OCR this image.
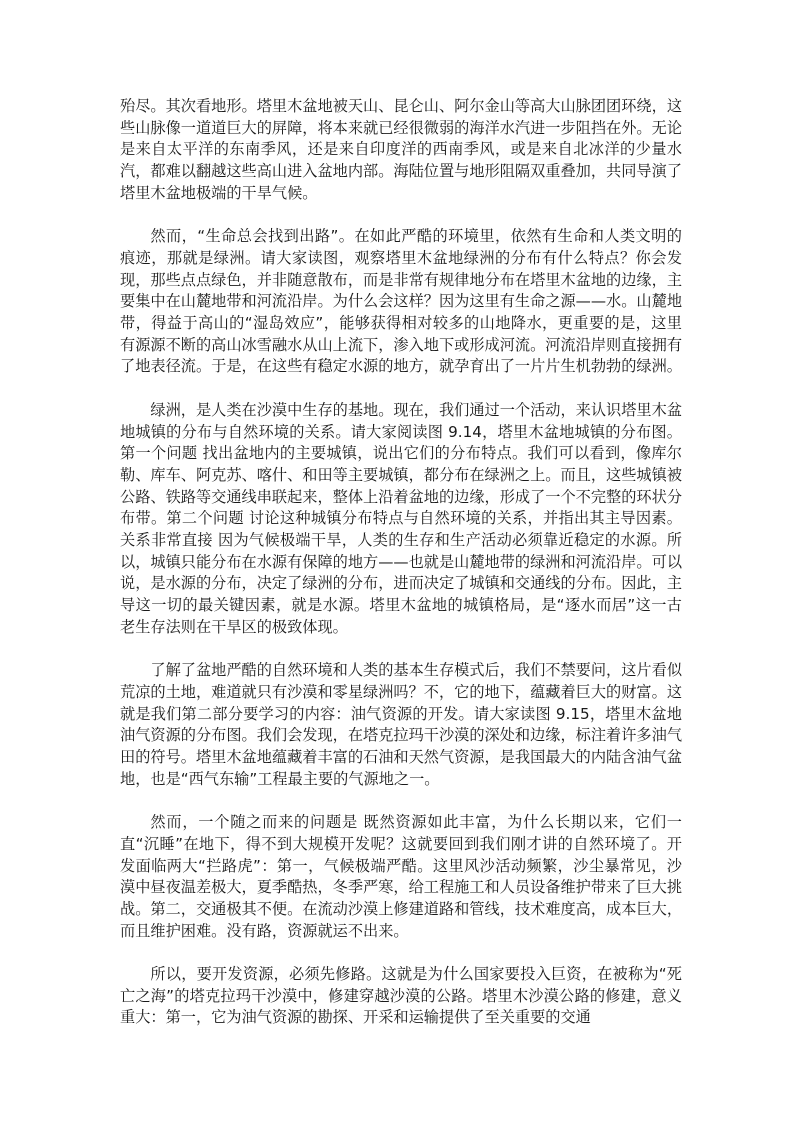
殆尽。其次看地形。塔里木盆地被天山、昆仑山、阿尔金山等高大山脉团团环绕，这些山脉像一道道巨大的屏障，将本来就已经很微弱的海洋水汽进一步阻挡在外。无论是来自太平洋的东南季风，还是来自印度洋的西南季风，或是来自北冰洋的少量水汽，都难以翻越这些高山进入盆地内部。海陆位置与地形阻隔双重叠加，共同导演了塔里木盆地极端的干旱气候。

然而，“生命总会找到出路”。在如此严酷的环境里，依然有生命和人类文明的痕迹，那就是绿洲。请大家读图，观察塔里木盆地绿洲的分布有什么特点？你会发现，那些点点绿色，并非随意散布，而是非常有规律地分布在塔里木盆地的边缘，主要集中在山麓地带和河流沿岸。为什么会这样？因为这里有生命之源——水。山麓地带，得益于高山的“湿岛效应”，能够获得相对较多的山地降水，更重要的是，这里有源源不断的高山冰雪融水从山上流下，渗入地下或形成河流。河流沿岸则直接拥有了地表径流。于是，在这些有稳定水源的地方，就孕育出了一片片生机勃勃的绿洲。

绿洲，是人类在沙漠中生存的基地。现在，我们通过一个活动，来认识塔里木盆地城镇的分布与自然环境的关系。请大家阅读图 9.14，塔里木盆地城镇的分布图。第一个问题 找出盆地内的主要城镇，说出它们的分布特点。我们可以看到，像库尔勒、库车、阿克苏、喀什、和田等主要城镇，都分布在绿洲之上。而且，这些城镇被公路、铁路等交通线串联起来，整体上沿着盆地的边缘，形成了一个不完整的环状分布带。第二个问题 讨论这种城镇分布特点与自然环境的关系，并指出其主导因素。关系非常直接 因为气候极端干旱，人类的生存和生产活动必须靠近稳定的水源。所以，城镇只能分布在水源有保障的地方——也就是山麓地带的绿洲和河流沿岸。可以说，是水源的分布，决定了绿洲的分布，进而决定了城镇和交通线的分布。因此，主导这一切的最关键因素，就是水源。塔里木盆地的城镇格局，是“逐水而居”这一古老生存法则在干旱区的极致体现。

了解了盆地严酷的自然环境和人类的基本生存模式后，我们不禁要问，这片看似荒凉的土地，难道就只有沙漠和零星绿洲吗？不，它的地下，蕴藏着巨大的财富。这就是我们第二部分要学习的内容：油气资源的开发。请大家读图 9.15，塔里木盆地油气资源的分布图。我们会发现，在塔克拉玛干沙漠的深处和边缘，标注着许多油气田的符号。塔里木盆地蕴藏着丰富的石油和天然气资源，是我国最大的内陆含油气盆地，也是“西气东输”工程最主要的气源地之一。

然而，一个随之而来的问题是 既然资源如此丰富，为什么长期以来，它们一直“沉睡”在地下，得不到大规模开发呢？这就要回到我们刚才讲的自然环境了。开发面临两大“拦路虎”：第一，气候极端严酷。这里风沙活动频繁，沙尘暴常见，沙漠中昼夜温差极大，夏季酷热，冬季严寒，给工程施工和人员设备维护带来了巨大挑战。第二，交通极其不便。在流动沙漠上修建道路和管线，技术难度高，成本巨大，而且维护困难。没有路，资源就运不出来。

所以，要开发资源，必须先修路。这就是为什么国家要投入巨资，在被称为“死亡之海”的塔克拉玛干沙漠中，修建穿越沙漠的公路。塔里木沙漠公路的修建，意义重大：第一，它为油气资源的勘探、开采和运输提供了至关重要的交通
